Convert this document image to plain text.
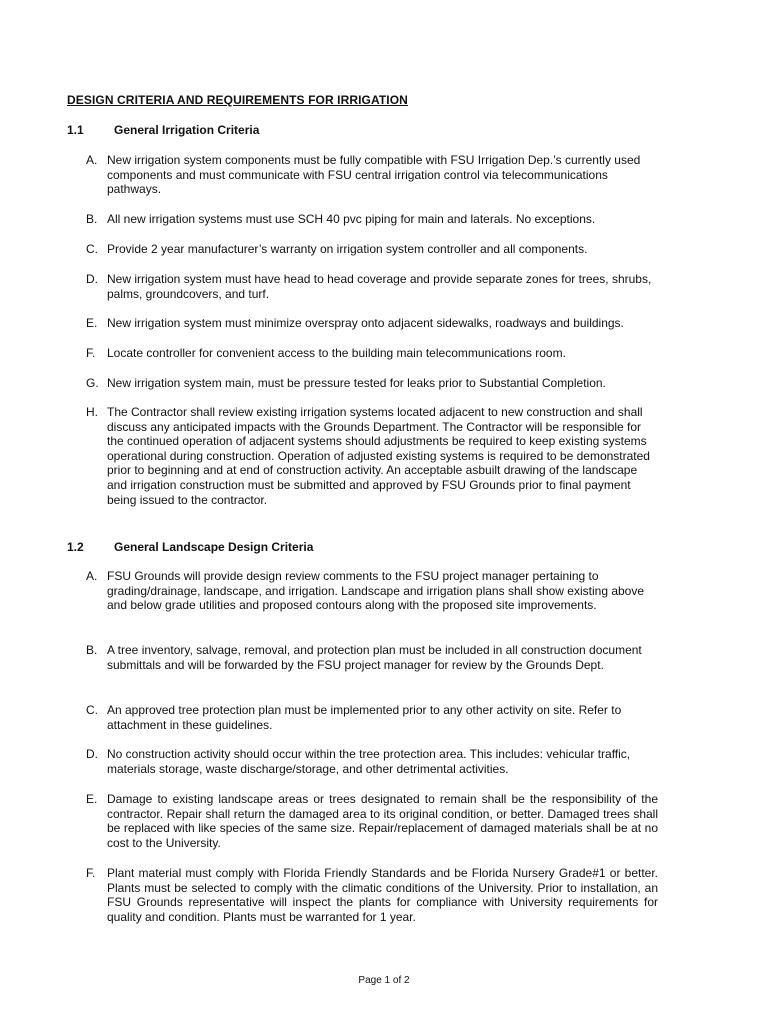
DESIGN CRITERIA AND REQUIREMENTS FOR IRRIGATION
1.1	General Irrigation Criteria
A. New irrigation system components must be fully compatible with FSU Irrigation Dep.’s currently used components and must communicate with FSU central irrigation control via telecommunications pathways.
B. All new irrigation systems must use SCH 40 pvc piping for main and laterals. No exceptions.
C. Provide 2 year manufacturer’s warranty on irrigation system controller and all components.
D. New irrigation system must have head to head coverage and provide separate zones for trees, shrubs, palms, groundcovers, and turf.
E. New irrigation system must minimize overspray onto adjacent sidewalks, roadways and buildings.
F. Locate controller for convenient access to the building main telecommunications room.
G. New irrigation system main, must be pressure tested for leaks prior to Substantial Completion.
H. The Contractor shall review existing irrigation systems located adjacent to new construction and shall discuss any anticipated impacts with the Grounds Department. The Contractor will be responsible for the continued operation of adjacent systems should adjustments be required to keep existing systems operational during construction. Operation of adjusted existing systems is required to be demonstrated prior to beginning and at end of construction activity. An acceptable asbuilt drawing of the landscape and irrigation construction must be submitted and approved by FSU Grounds prior to final payment being issued to the contractor.
1.2	General Landscape Design Criteria
A. FSU Grounds will provide design review comments to the FSU project manager pertaining to grading/drainage, landscape, and irrigation. Landscape and irrigation plans shall show existing above and below grade utilities and proposed contours along with the proposed site improvements.
B. A tree inventory, salvage, removal, and protection plan must be included in all construction document submittals and will be forwarded by the FSU project manager for review by the Grounds Dept.
C. An approved tree protection plan must be implemented prior to any other activity on site. Refer to attachment in these guidelines.
D. No construction activity should occur within the tree protection area. This includes: vehicular traffic, materials storage, waste discharge/storage, and other detrimental activities.
E. Damage to existing landscape areas or trees designated to remain shall be the responsibility of the contractor. Repair shall return the damaged area to its original condition, or better. Damaged trees shall be replaced with like species of the same size. Repair/replacement of damaged materials shall be at no cost to the University.
F. Plant material must comply with Florida Friendly Standards and be Florida Nursery Grade#1 or better. Plants must be selected to comply with the climatic conditions of the University. Prior to installation, an FSU Grounds representative will inspect the plants for compliance with University requirements for quality and condition. Plants must be warranted for 1 year.
Page 1 of 2
